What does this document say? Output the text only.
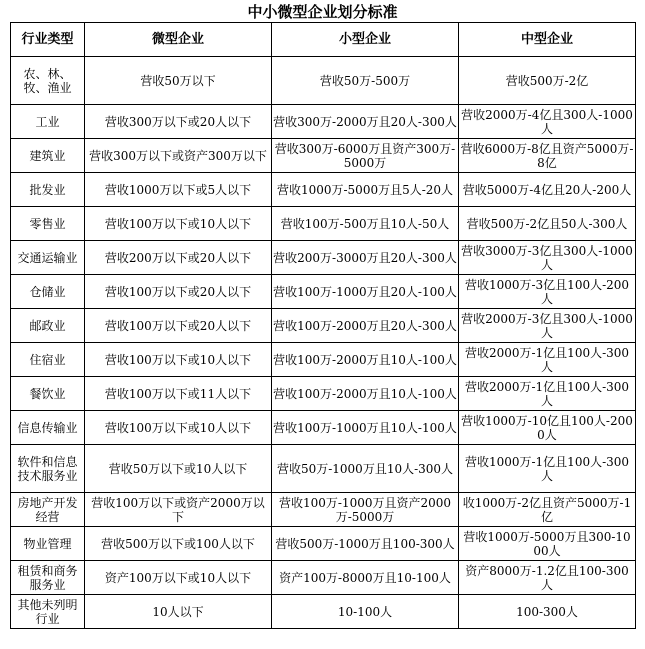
中小微型企业划分标准
行业类型	微型企业	小型企业	中型企业
农、林、牧、渔业	营收50万以下	营收50万-500万	营收500万-2亿
工业	营收300万以下或20人以下	营收300万-2000万且20人-300人	营收2000万-4亿且300人-1000人
建筑业	营收300万以下或资产300万以下	营收300万-6000万且资产300万-5000万	营收6000万-8亿且资产5000万-8亿
批发业	营收1000万以下或5人以下	营收1000万-5000万且5人-20人	营收5000万-4亿且20人-200人
零售业	营收100万以下或10人以下	营收100万-500万且10人-50人	营收500万-2亿且50人-300人
交通运输业	营收200万以下或20人以下	营收200万-3000万且20人-300人	营收3000万-3亿且300人-1000人
仓储业	营收100万以下或20人以下	营收100万-1000万且20人-100人	营收1000万-3亿且100人-200人
邮政业	营收100万以下或20人以下	营收100万-2000万且20人-300人	营收2000万-3亿且300人-1000人
住宿业	营收100万以下或10人以下	营收100万-2000万且10人-100人	营收2000万-1亿且100人-300人
餐饮业	营收100万以下或11人以下	营收100万-2000万且10人-100人	营收2000万-1亿且100人-300人
信息传输业	营收100万以下或10人以下	营收100万-1000万且10人-100人	营收1000万-10亿且100人-2000人
软件和信息技术服务业	营收50万以下或10人以下	营收50万-1000万且10人-300人	营收1000万-1亿且100人-300人
房地产开发经营	营收100万以下或资产2000万以下	营收100万-1000万且资产2000万-5000万	收1000万-2亿且资产5000万-1亿
物业管理	营收500万以下或100人以下	营收500万-1000万且100-300人	营收1000万-5000万且300-1000人
租赁和商务服务业	资产100万以下或10人以下	资产100万-8000万且10-100人	资产8000万-1.2亿且100-300人
其他未列明行业	10人以下	10-100人	100-300人
